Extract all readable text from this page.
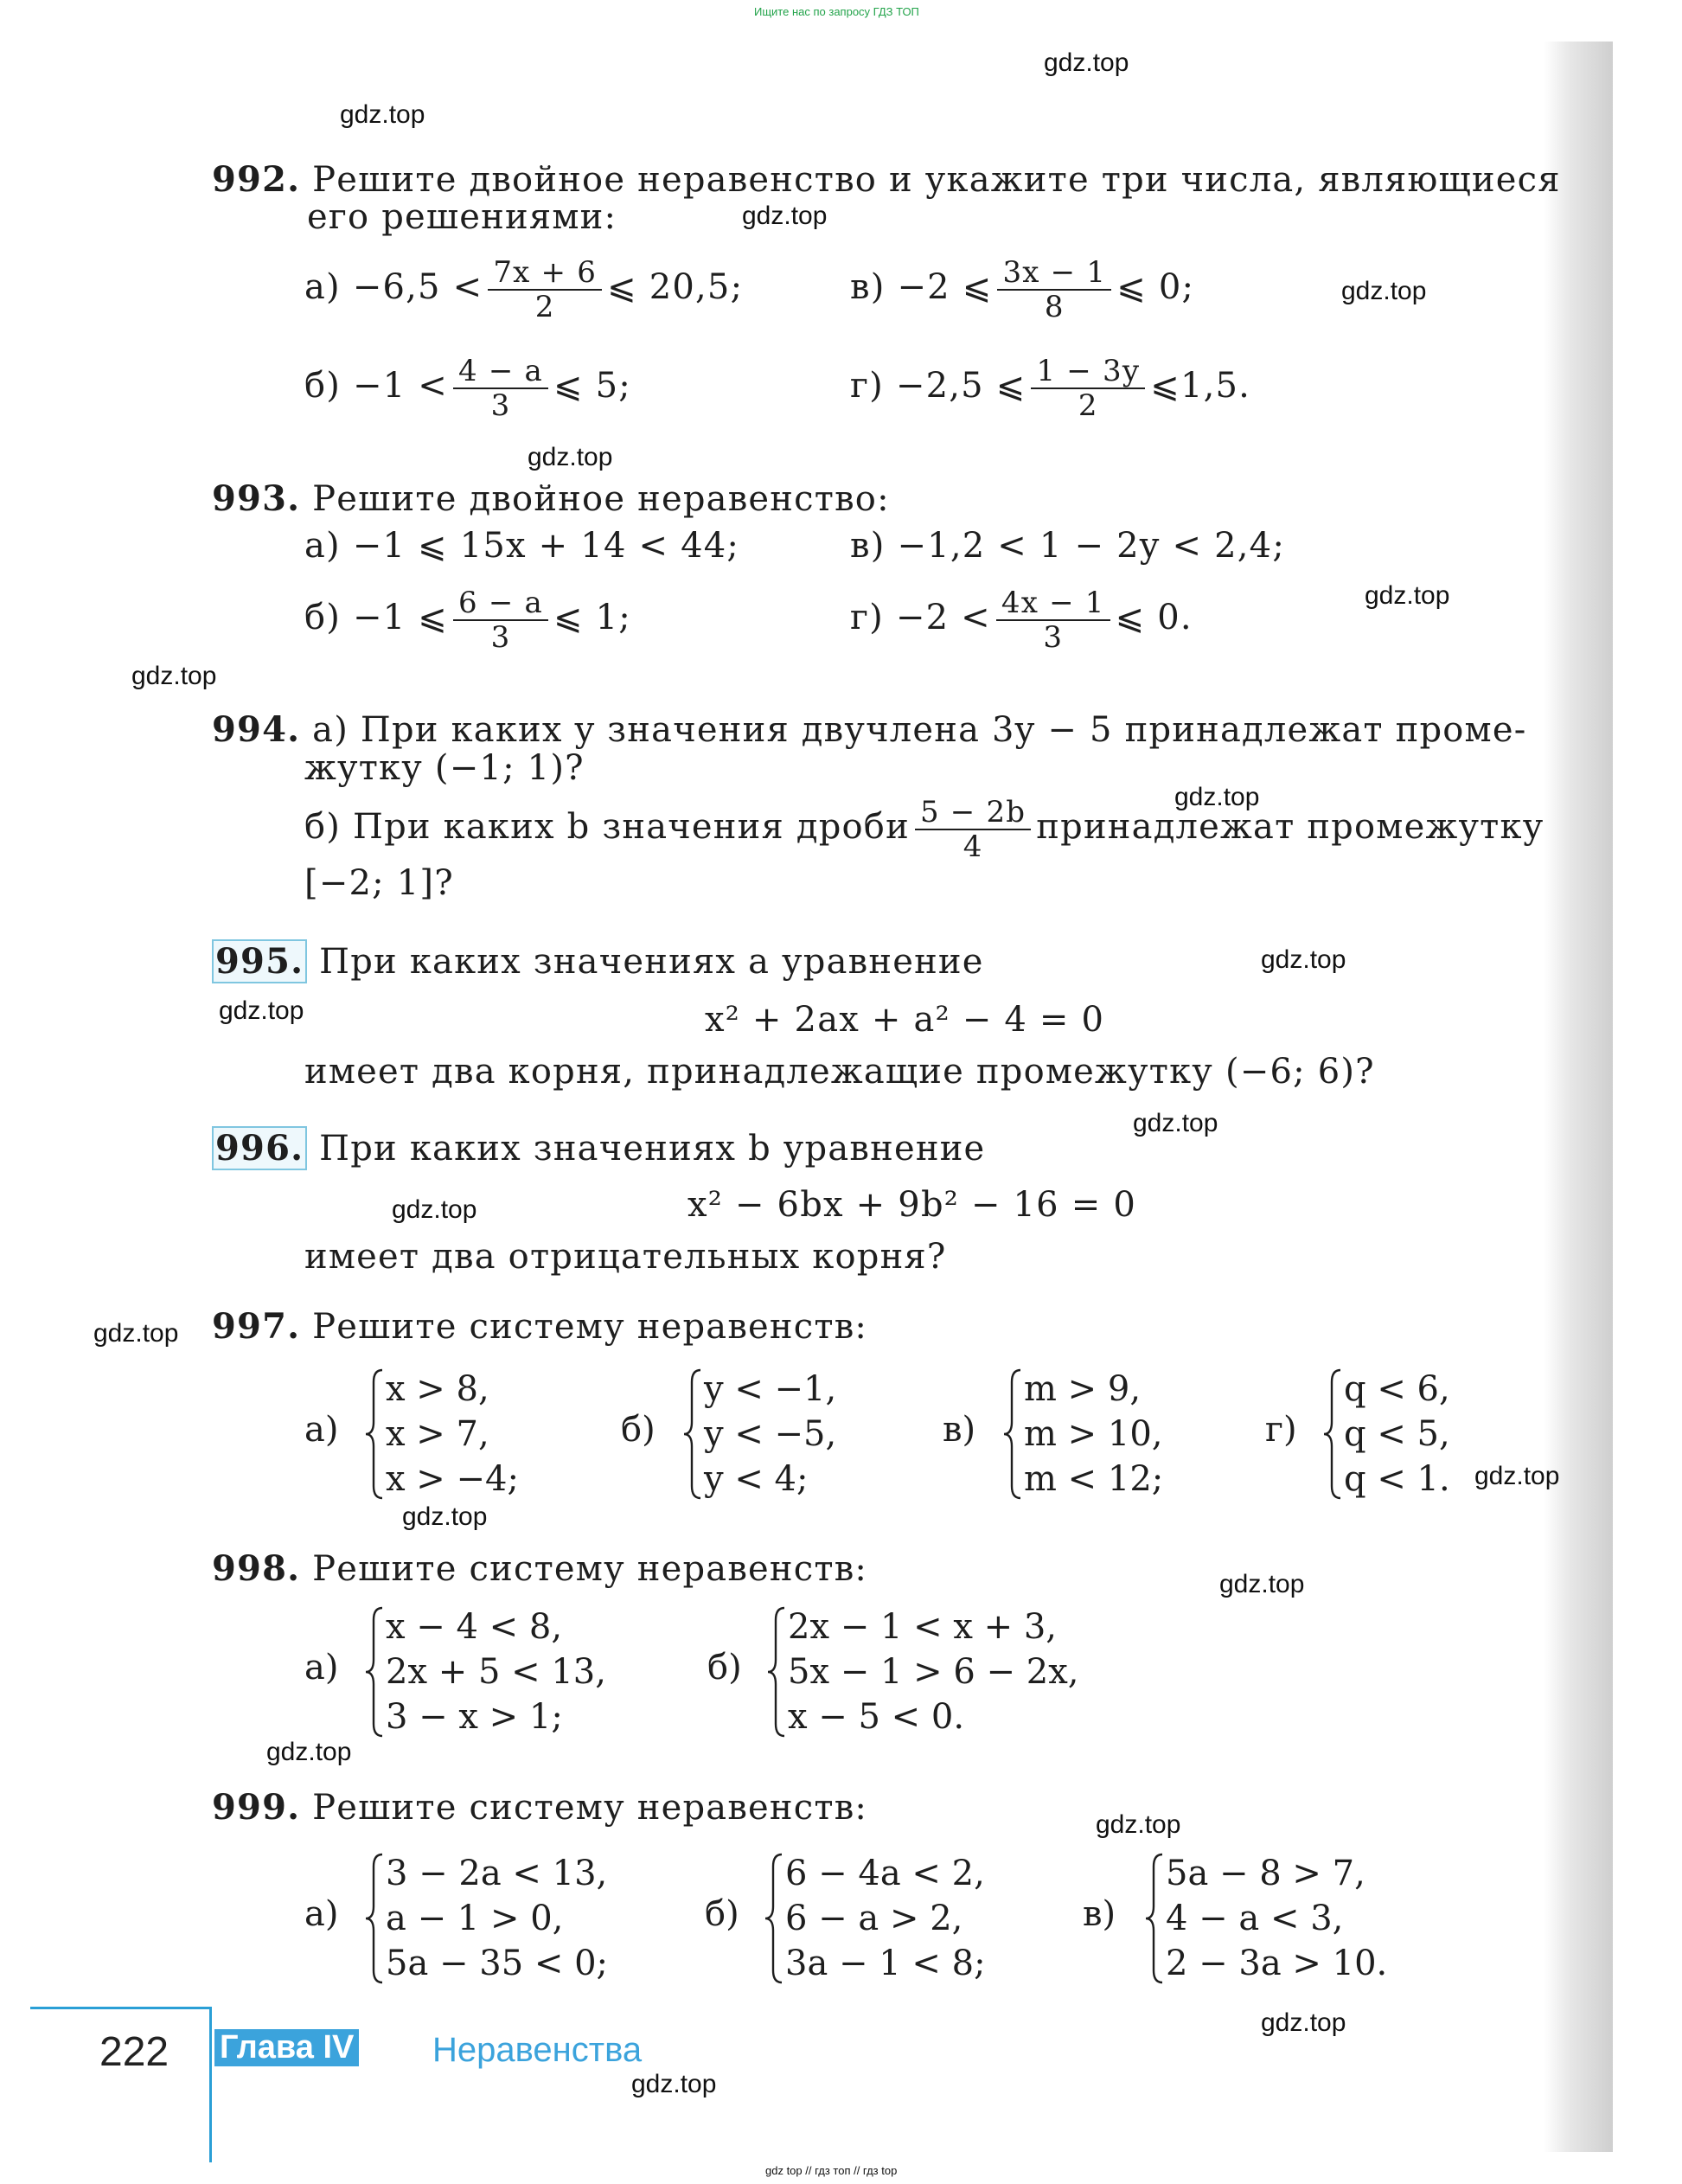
Ищите нас по запросу ГДЗ ТОП
gdz.top
gdz.top
gdz.top
gdz.top
gdz.top
gdz.top
gdz.top
gdz.top
gdz.top
gdz.top
gdz.top
gdz.top
gdz.top
gdz.top
gdz.top
gdz.top
gdz.top
gdz.top
gdz.top
gdz.top
992. Решите двойное неравенство и укажите три числа, являющиеся
его решениями:
$а) -6,5 < \frac{7x + 6}{2}$ ⩽ 20,5;	в) −2 ⩽ $\frac{3x - 1}{8}$ ⩽ 0;
$б) -1 < \frac{4 - a}{3}$ ⩽ 5;	г) −2,5 ⩽ $\frac{1 - 3y}{2}$ ⩽1,5.
993. Решите двойное неравенство:
а) −1 ⩽ 15x + 14 < 44;	в) −1,2 < 1 − 2y < 2,4;
б) −1 ⩽ $\frac{6 - a}{3}$ ⩽ 1;	$г) -2 < \frac{4x - 1}{3}$ ⩽ 0.
994. а) При каких y значения двучлена 3y − 5 принадлежат проме-
жутку (−1; 1)?
б) При каких b значения дроби $\frac{5 - 2b}{4}$ принадлежат промежутку
[−2; 1]?
995. При каких значениях a уравнение
x² + 2ax + a² − 4 = 0
имеет два корня, принадлежащие промежутку (−6; 6)?
996. При каких значениях b уравнение
x² − 6bx + 9b² − 16 = 0
имеет два отрицательных корня?
997. Решите систему неравенств:
а)
x > 8,
x > 7,
x > −4;
б)
y < −1,
y < −5,
y < 4;
в)
m > 9,
m > 10,
m < 12;
г)
q < 6,
q < 5,
q < 1.
998. Решите систему неравенств:
а)
x − 4 < 8,
2x + 5 < 13,
3 − x > 1;
б)
2x − 1 < x + 3,
5x − 1 > 6 − 2x,
x − 5 < 0.
999. Решите систему неравенств:
а)
3 − 2a < 13,
a − 1 > 0,
5a − 35 < 0;
б)
6 − 4a < 2,
6 − a > 2,
3a − 1 < 8;
в)
5a − 8 > 7,
4 − a < 3,
2 − 3a > 10.
222 Глава IV Неравенства
gdz top // гдз топ // гдз top
